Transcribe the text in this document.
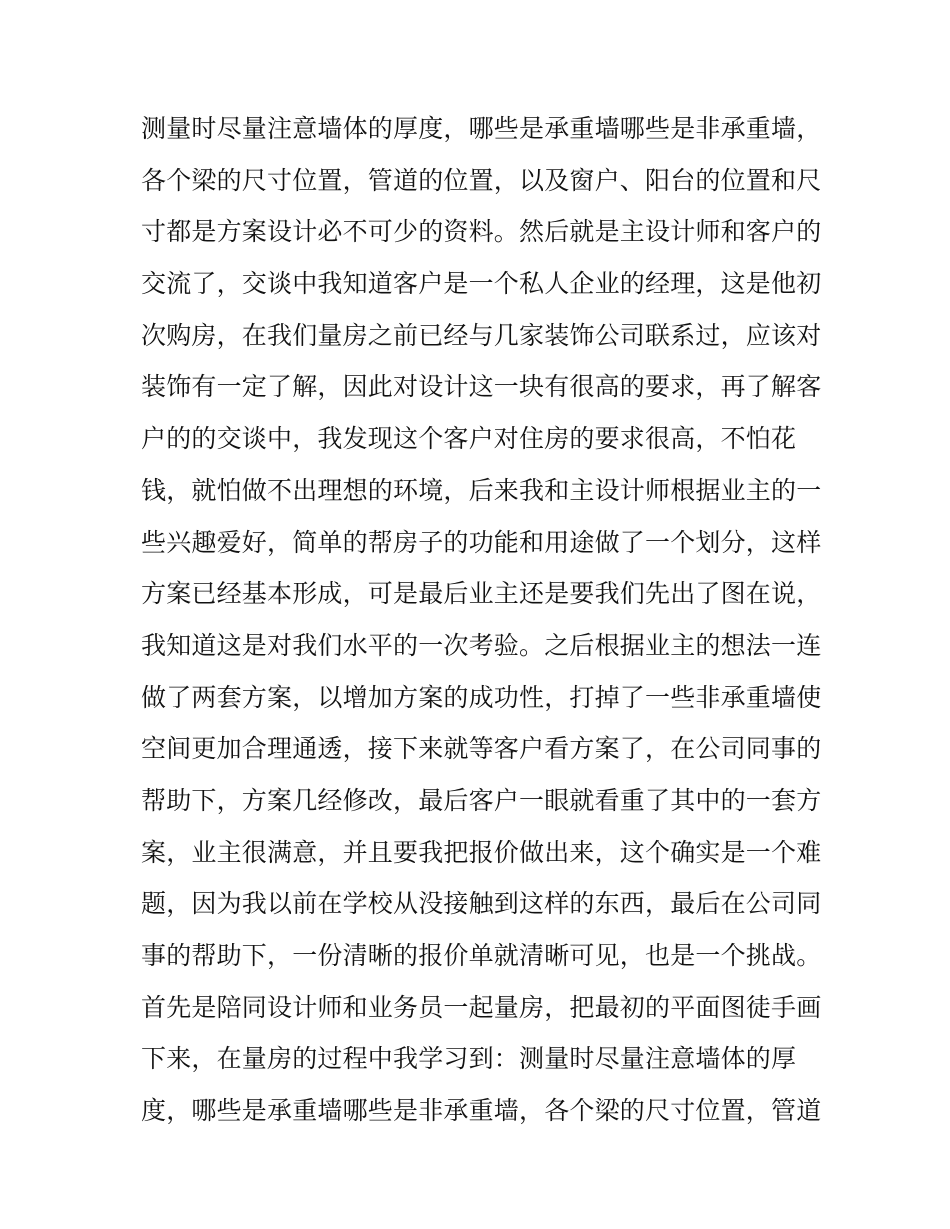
测量时尽量注意墙体的厚度，哪些是承重墙哪些是非承重墙，
各个梁的尺寸位置，管道的位置，以及窗户、阳台的位置和尺
寸都是方案设计必不可少的资料。然后就是主设计师和客户的
交流了，交谈中我知道客户是一个私人企业的经理，这是他初
次购房，在我们量房之前已经与几家装饰公司联系过，应该对
装饰有一定了解，因此对设计这一块有很高的要求，再了解客
户的的交谈中，我发现这个客户对住房的要求很高，不怕花
钱，就怕做不出理想的环境，后来我和主设计师根据业主的一
些兴趣爱好，简单的帮房子的功能和用途做了一个划分，这样
方案已经基本形成，可是最后业主还是要我们先出了图在说，
我知道这是对我们水平的一次考验。之后根据业主的想法一连
做了两套方案，以增加方案的成功性，打掉了一些非承重墙使
空间更加合理通透，接下来就等客户看方案了，在公司同事的
帮助下，方案几经修改，最后客户一眼就看重了其中的一套方
案，业主很满意，并且要我把报价做出来，这个确实是一个难
题，因为我以前在学校从没接触到这样的东西，最后在公司同
事的帮助下，一份清晰的报价单就清晰可见，也是一个挑战。
首先是陪同设计师和业务员一起量房，把最初的平面图徒手画
下来，在量房的过程中我学习到：测量时尽量注意墙体的厚
度，哪些是承重墙哪些是非承重墙，各个梁的尺寸位置，管道
